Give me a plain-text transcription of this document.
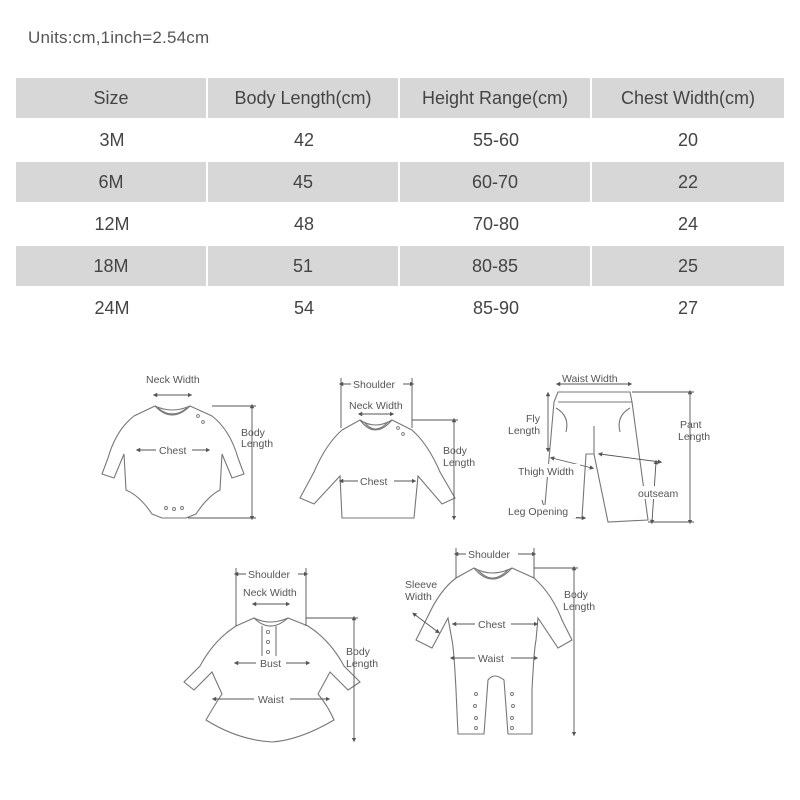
Units:cm,1inch=2.54cm
Size	Body Length(cm)	Height Range(cm)	Chest Width(cm)
3M	42	55-60	20
6M	45	60-70	22
12M	48	70-80	24
18M	51	80-85	25
24M	54	85-90	27
Neck Width
Chest
Body
Length
Shoulder
Neck Width
Chest
Body
Length
Waist Width
Fly
Length	Pant
Length
Thigh Width
outseam
Leg Opening
Shoulder
Neck Width
Bust
Waist
Body
Length
Shoulder
Sleeve
Width
Chest
Waist
Body
Length
